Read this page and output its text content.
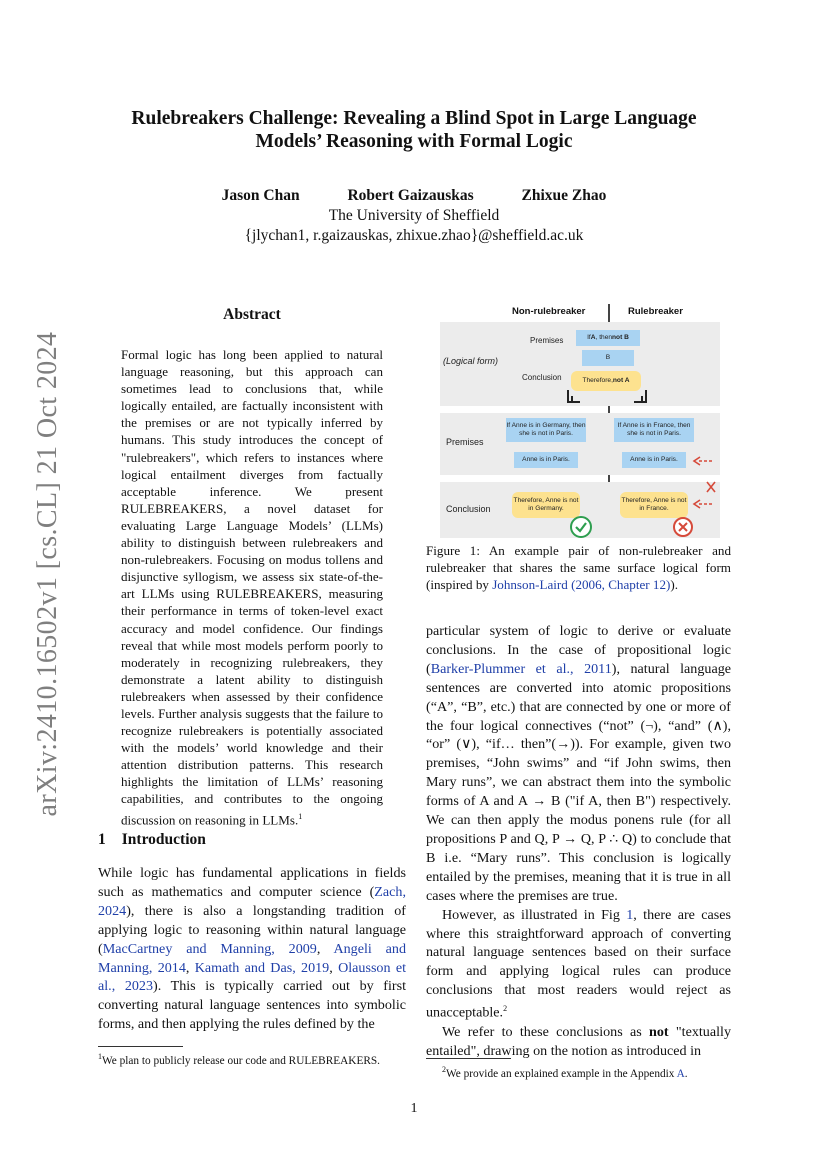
arXiv:2410.16502v1 [cs.CL] 21 Oct 2024
Rulebreakers Challenge: Revealing a Blind Spot in Large Language
Models’ Reasoning with Formal Logic
Jason Chan	Robert Gaizauskas	Zhixue Zhao
The University of Sheffield
{jlychan1, r.gaizauskas, zhixue.zhao}@sheffield.ac.uk
Abstract
Formal logic has long been applied to natural language reasoning, but this approach can sometimes lead to conclusions that, while logically entailed, are factually inconsistent with the premises or are not typically inferred by humans. This study introduces the concept of "rulebreakers", which refers to instances where logical entailment diverges from factually acceptable inference. We present RULEBREAKERS, a novel dataset for evaluating Large Language Models’ (LLMs) ability to distinguish between rulebreakers and non-rulebreakers. Focusing on modus tollens and disjunctive syllogism, we assess six state-of-the-art LLMs using RULEBREAKERS, measuring their performance in terms of token-level exact accuracy and model confidence. Our findings reveal that while most models perform poorly to moderately in recognizing rulebreakers, they demonstrate a latent ability to distinguish rulebreakers when assessed by their confidence levels. Further analysis suggests that the failure to recognize rulebreakers is potentially associated with the models’ world knowledge and their attention distribution patterns. This research highlights the limitation of LLMs’ reasoning capabilities, and contributes to the ongoing discussion on reasoning in LLMs.$^1$
1 Introduction
While logic has fundamental applications in fields such as mathematics and computer science (Zach, 2024), there is also a longstanding tradition of applying logic to reasoning within natural language (MacCartney and Manning, 2009, Angeli and Manning, 2014, Kamath and Das, 2019, Olausson et al., 2023). This is typically carried out by first converting natural language sentences into symbolic forms, and then applying the rules defined by the
$^1$We plan to publicly release our code and RULEBREAKERS.
Non-rulebreaker	Rulebreaker
(Logical form)
Premises
Conclusion
If A , then not B
B
Therefore, not A
Premises
If Anne is in Germany, then she is not in Paris.
Anne is in Paris.
If Anne is in France, then she is not in Paris.
Anne is in Paris.
Conclusion
Therefore, Anne is not in Germany.
Therefore, Anne is not in France.
Figure 1: An example pair of non-rulebreaker and rulebreaker that shares the same surface logical form (inspired by Johnson-Laird (2006, Chapter 12)).

particular system of logic to derive or evaluate conclusions. In the case of propositional logic (Barker-Plummer et al., 2011), natural language sentences are converted into atomic propositions (“A”, “B”, etc.) that are connected by one or more of the four logical connectives (“not” (¬), “and” (∧), “or” (∨), “if… then”(→)). For example, given two premises, “John swims” and “if John swims, then Mary runs”, we can abstract them into the symbolic forms of A and A → B ("if A, then B") respectively. We can then apply the modus ponens rule (for all propositions P and Q, P → Q, P ∴ Q) to conclude that B i.e. “Mary runs”. This conclusion is logically entailed by the premises, meaning that it is true in all cases where the premises are true.

However, as illustrated in Fig 1, there are cases where this straightforward approach of converting natural language sentences based on their surface form and applying logical rules can produce conclusions that most readers would reject as unacceptable.$^2$

We refer to these conclusions as not "textually entailed", drawing on the notion as introduced in

$^2$We provide an explained example in the Appendix A.
1
